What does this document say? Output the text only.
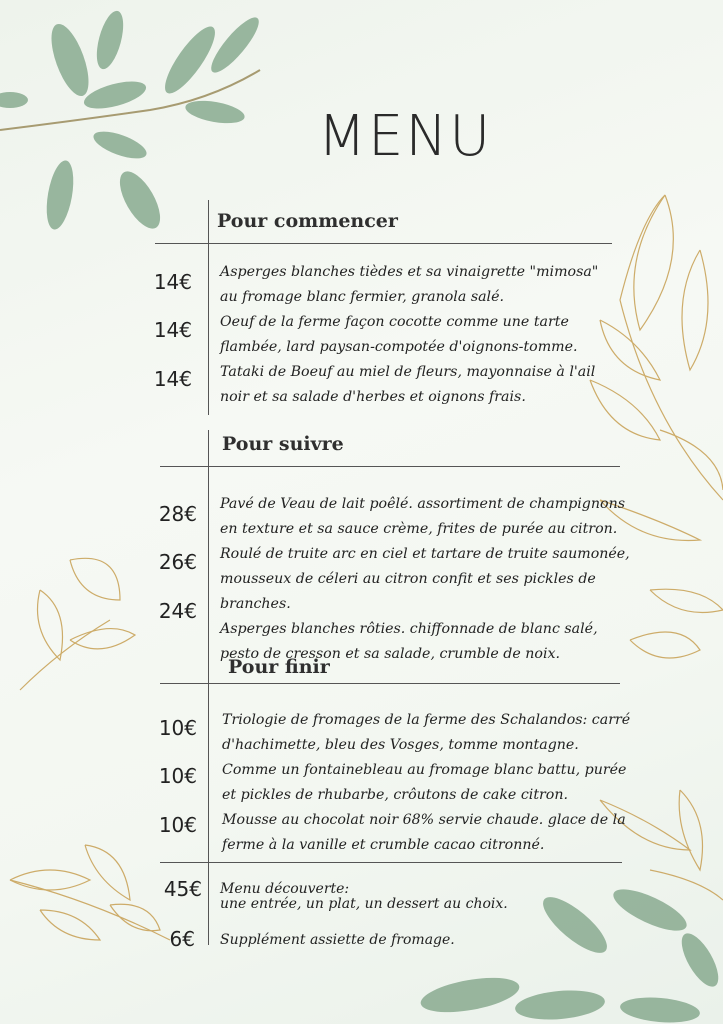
MENU
Pour commencer
14€
14€
14€
Asperges blanches tièdes et sa vinaigrette "mimosa"
au fromage blanc fermier, granola salé.
Oeuf de la ferme façon cocotte comme une tarte
flambée, lard paysan-compotée d'oignons-tomme.
Tataki de Boeuf au miel de fleurs, mayonnaise à l'ail
noir et sa salade d'herbes et oignons frais.
Pour suivre
28€
26€
24€
Pavé de Veau de lait poêlé. assortiment de champignons
en texture et sa sauce crème, frites de purée au citron.
Roulé de truite arc en ciel et tartare de truite saumonée,
mousseux de céleri au citron confit et ses pickles de
branches.
Asperges blanches rôties. chiffonnade de blanc salé,
pesto de cresson et sa salade, crumble de noix.
Pour finir
10€
10€
10€
Triologie de fromages de la ferme des Schalandos: carré
d'hachimette, bleu des Vosges, tomme montagne.
Comme un fontainebleau au fromage blanc battu, purée
et pickles de rhubarbe, crôutons de cake citron.
Mousse au chocolat noir 68% servie chaude. glace de la
ferme à la vanille et crumble cacao citronné.
45€ Menu découverte:
une entrée, un plat, un dessert au choix.
6€ Supplément assiette de fromage.
